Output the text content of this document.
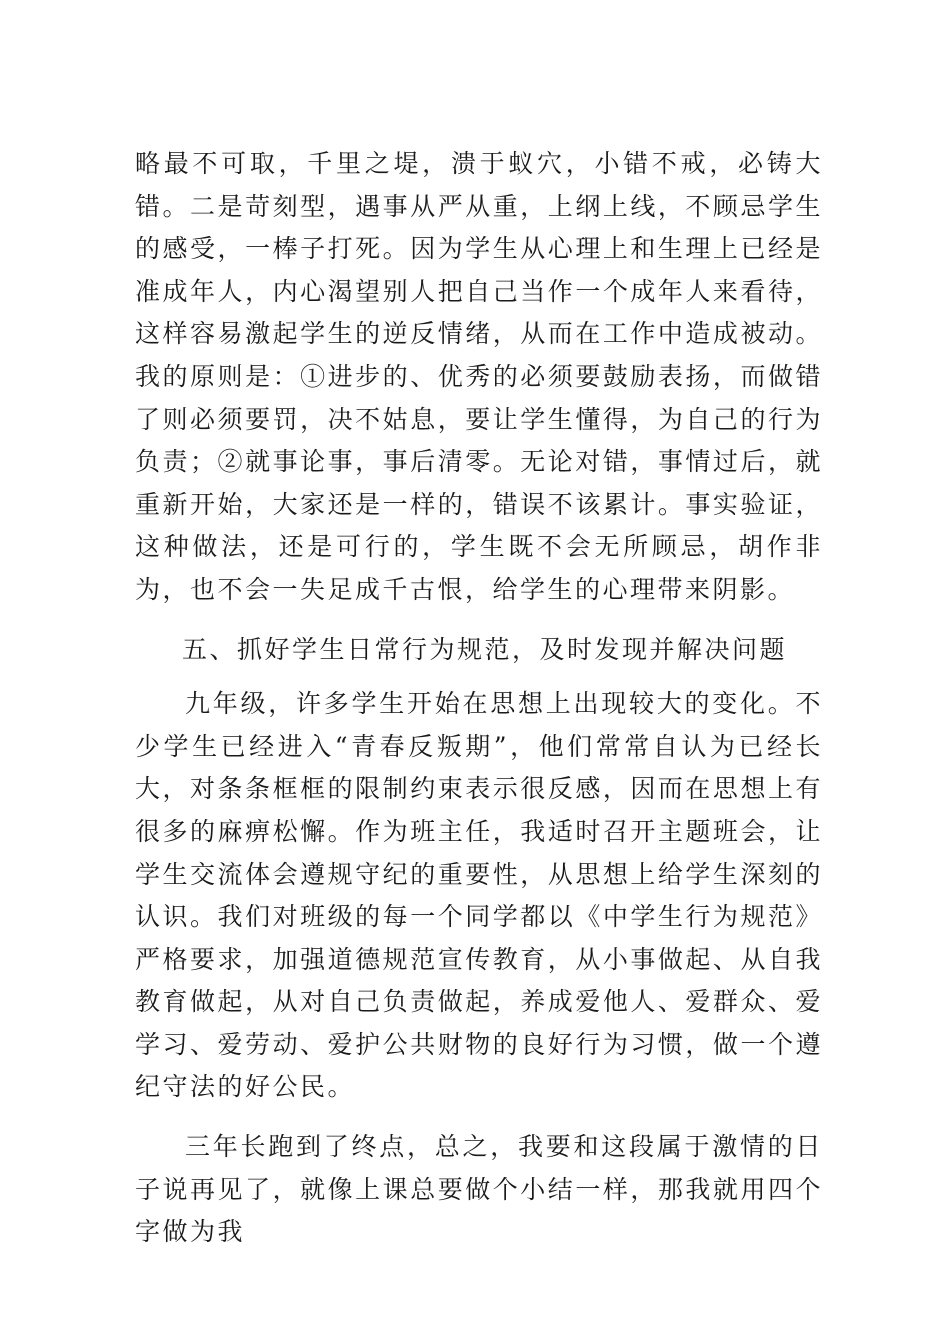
略最不可取，千里之堤，溃于蚁穴，小错不戒，必铸大错。二是苛刻型，遇事从严从重，上纲上线，不顾忌学生的感受，一棒子打死。因为学生从心理上和生理上已经是准成年人，内心渴望别人把自己当作一个成年人来看待，这样容易激起学生的逆反情绪，从而在工作中造成被动。我的原则是：①进步的、优秀的必须要鼓励表扬，而做错了则必须要罚，决不姑息，要让学生懂得，为自己的行为负责；②就事论事，事后清零。无论对错，事情过后，就重新开始，大家还是一样的，错误不该累计。事实验证，这种做法，还是可行的，学生既不会无所顾忌，胡作非为，也不会一失足成千古恨，给学生的心理带来阴影。

五、抓好学生日常行为规范，及时发现并解决问题

九年级，许多学生开始在思想上出现较大的变化。不少学生已经进入“青春反叛期”，他们常常自认为已经长大，对条条框框的限制约束表示很反感，因而在思想上有很多的麻痹松懈。作为班主任，我适时召开主题班会，让学生交流体会遵规守纪的重要性，从思想上给学生深刻的认识。我们对班级的每一个同学都以《中学生行为规范》严格要求，加强道德规范宣传教育，从小事做起、从自我教育做起，从对自己负责做起，养成爱他人、爱群众、爱学习、爱劳动、爱护公共财物的良好行为习惯，做一个遵纪守法的好公民。

三年长跑到了终点，总之，我要和这段属于激情的日子说再见了，就像上课总要做个小结一样，那我就用四个字做为我
